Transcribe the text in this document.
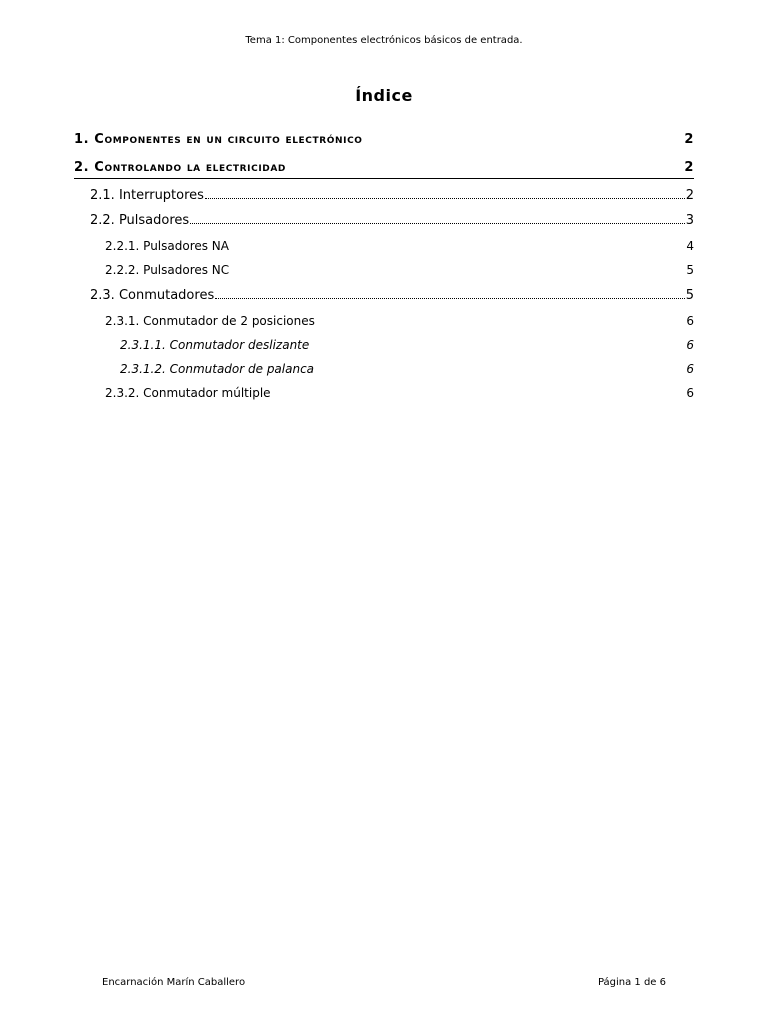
Tema 1: Componentes electrónicos básicos de entrada.
Índice
1. Componentes en un circuito electrónico	2
2. Controlando la electricidad	2
2.1. Interruptores	2
2.2. Pulsadores	3
2.2.1. Pulsadores NA	4
2.2.2. Pulsadores NC	5
2.3. Conmutadores	5
2.3.1. Conmutador de 2 posiciones	6
2.3.1.1. Conmutador deslizante	6
2.3.1.2. Conmutador de palanca	6
2.3.2. Conmutador múltiple	6
Encarnación Marín Caballero	Página 1 de 6
